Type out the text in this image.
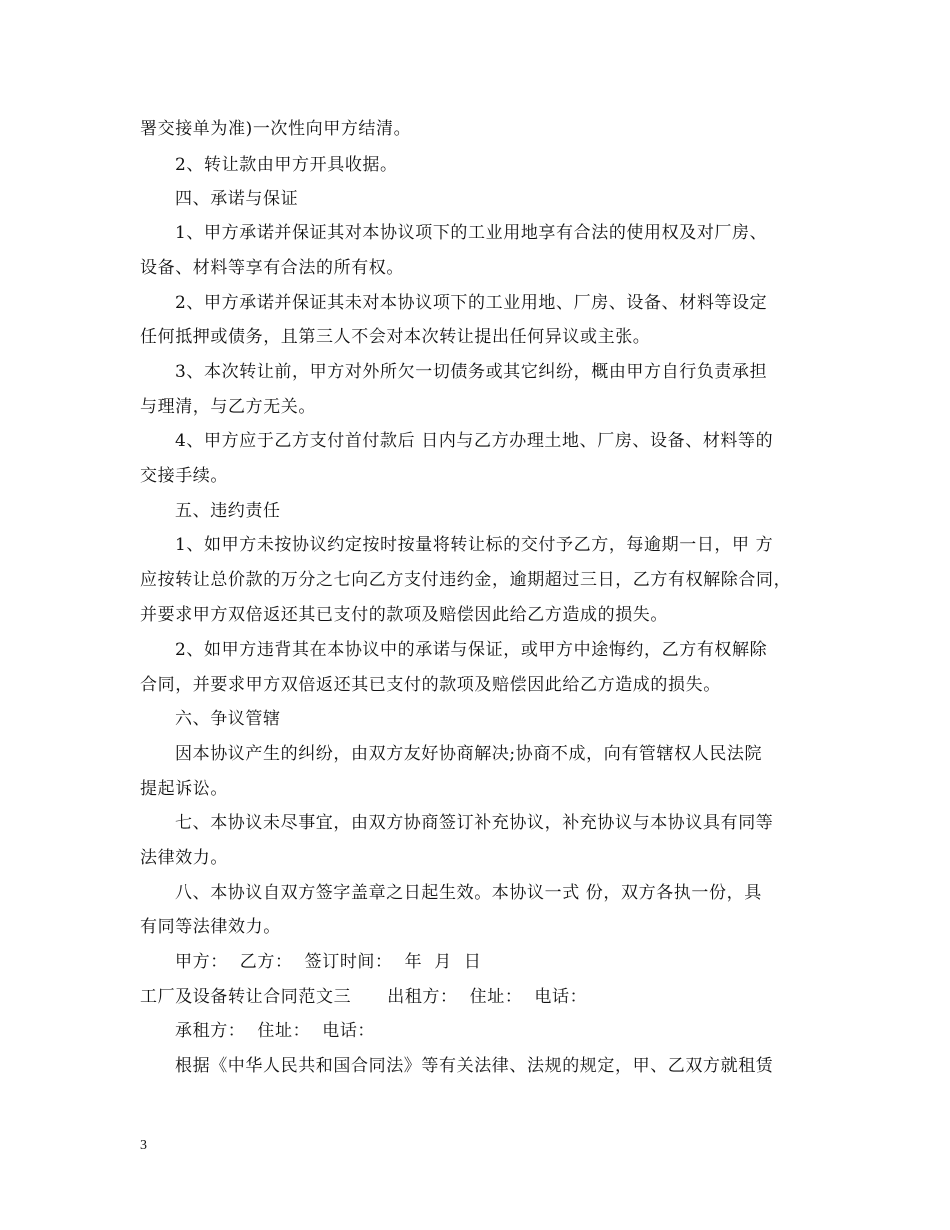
署交接单为准)一次性向甲方结清。
2、转让款由甲方开具收据。
四、承诺与保证
1、甲方承诺并保证其对本协议项下的工业用地享有合法的使用权及对厂房、
设备、材料等享有合法的所有权。
2、甲方承诺并保证其未对本协议项下的工业用地、厂房、设备、材料等设定
任何抵押或债务，且第三人不会对本次转让提出任何异议或主张。
3、本次转让前，甲方对外所欠一切债务或其它纠纷，概由甲方自行负责承担
与理清，与乙方无关。
4、甲方应于乙方支付首付款后 日内与乙方办理土地、厂房、设备、材料等的
交接手续。
五、违约责任
1、如甲方未按协议约定按时按量将转让标的交付予乙方，每逾期一日，甲 方
应按转让总价款的万分之七向乙方支付违约金，逾期超过三日，乙方有权解除合同，
并要求甲方双倍返还其已支付的款项及赔偿因此给乙方造成的损失。
2、如甲方违背其在本协议中的承诺与保证，或甲方中途悔约，乙方有权解除
合同，并要求甲方双倍返还其已支付的款项及赔偿因此给乙方造成的损失。
六、争议管辖
因本协议产生的纠纷，由双方友好协商解决;协商不成，向有管辖权人民法院
提起诉讼。
七、本协议未尽事宜，由双方协商签订补充协议，补充协议与本协议具有同等
法律效力。
八、本协议自双方签字盖章之日起生效。本协议一式 份，双方各执一份，具
有同等法律效力。
甲方：  乙方：  签订时间：  年  月  日
工厂及设备转让合同范文三      出租方：  住址：  电话：
承租方：  住址：  电话：
根据《中华人民共和国合同法》等有关法律、法规的规定，甲、乙双方就租赁
3
